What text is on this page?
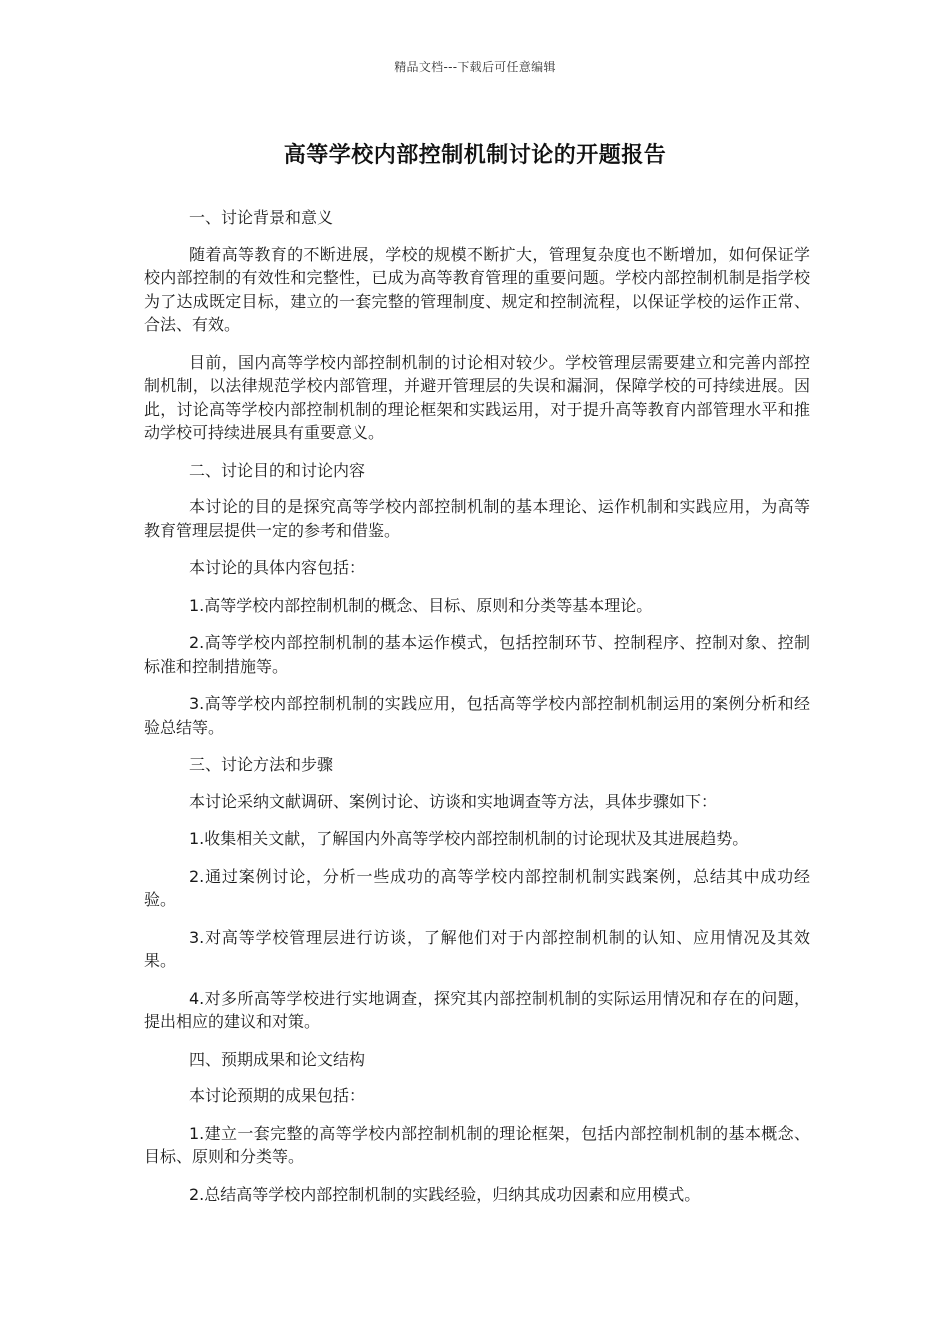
精品文档---下载后可任意编辑
高等学校内部控制机制讨论的开题报告

一、讨论背景和意义

随着高等教育的不断进展，学校的规模不断扩大，管理复杂度也不断增加，如何保证学校内部控制的有效性和完整性，已成为高等教育管理的重要问题。学校内部控制机制是指学校为了达成既定目标，建立的一套完整的管理制度、规定和控制流程，以保证学校的运作正常、合法、有效。

目前，国内高等学校内部控制机制的讨论相对较少。学校管理层需要建立和完善内部控制机制，以法律规范学校内部管理，并避开管理层的失误和漏洞，保障学校的可持续进展。因此，讨论高等学校内部控制机制的理论框架和实践运用，对于提升高等教育内部管理水平和推动学校可持续进展具有重要意义。

二、讨论目的和讨论内容

本讨论的目的是探究高等学校内部控制机制的基本理论、运作机制和实践应用，为高等教育管理层提供一定的参考和借鉴。

本讨论的具体内容包括：

1.高等学校内部控制机制的概念、目标、原则和分类等基本理论。

2.高等学校内部控制机制的基本运作模式，包括控制环节、控制程序、控制对象、控制标准和控制措施等。

3.高等学校内部控制机制的实践应用，包括高等学校内部控制机制运用的案例分析和经验总结等。

三、讨论方法和步骤

本讨论采纳文献调研、案例讨论、访谈和实地调查等方法，具体步骤如下：

1.收集相关文献，了解国内外高等学校内部控制机制的讨论现状及其进展趋势。

2.通过案例讨论，分析一些成功的高等学校内部控制机制实践案例，总结其中成功经验。

3.对高等学校管理层进行访谈，了解他们对于内部控制机制的认知、应用情况及其效果。

4.对多所高等学校进行实地调查，探究其内部控制机制的实际运用情况和存在的问题，提出相应的建议和对策。

四、预期成果和论文结构

本讨论预期的成果包括：

1.建立一套完整的高等学校内部控制机制的理论框架，包括内部控制机制的基本概念、目标、原则和分类等。

2.总结高等学校内部控制机制的实践经验，归纳其成功因素和应用模式。
